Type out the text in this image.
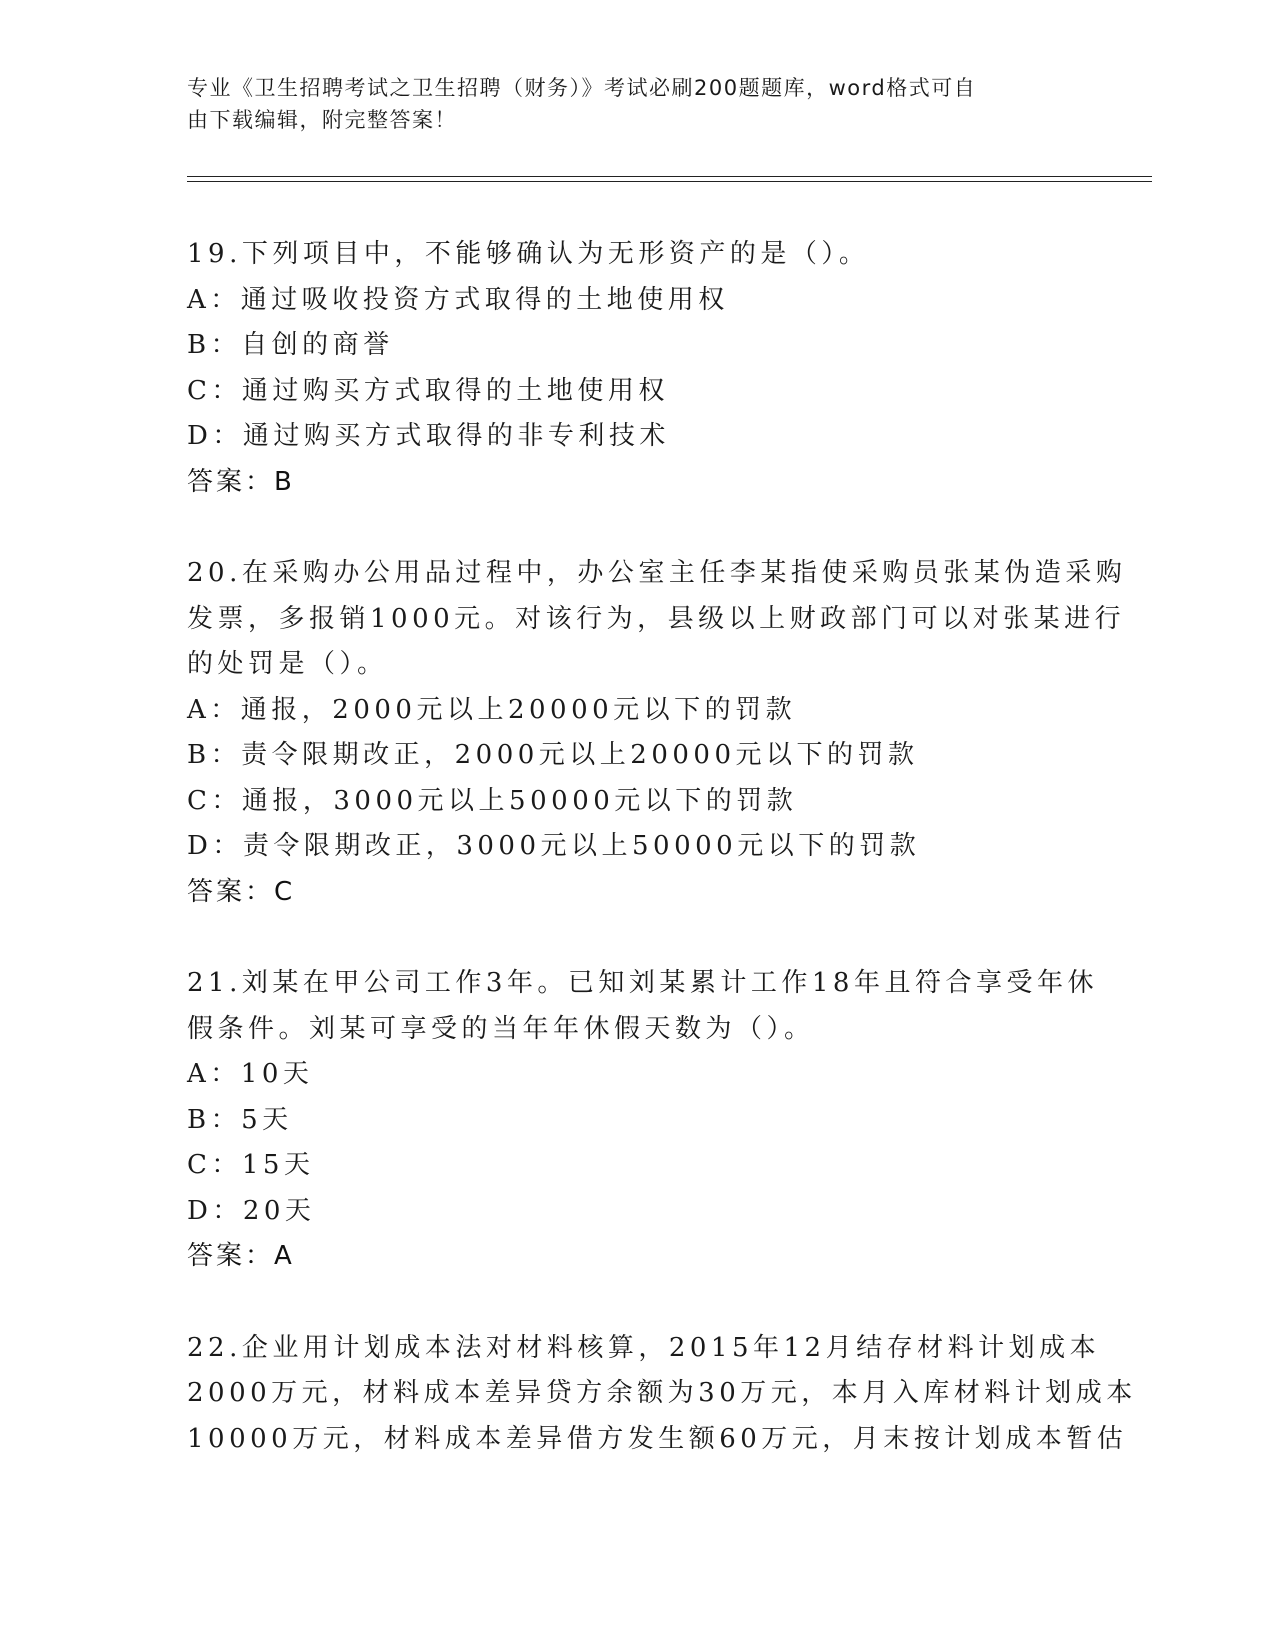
专业《卫生招聘考试之卫生招聘（财务）》考试必刷200题题库，word格式可自
由下载编辑，附完整答案！
19.下列项目中，不能够确认为无形资产的是（）。
A：通过吸收投资方式取得的土地使用权
B：自创的商誉
C：通过购买方式取得的土地使用权
D：通过购买方式取得的非专利技术
答案：B
20.在采购办公用品过程中，办公室主任李某指使采购员张某伪造采购
发票，多报销1000元。对该行为，县级以上财政部门可以对张某进行
的处罚是（）。
A：通报，2000元以上20000元以下的罚款
B：责令限期改正，2000元以上20000元以下的罚款
C：通报，3000元以上50000元以下的罚款
D：责令限期改正，3000元以上50000元以下的罚款
答案：C
21.刘某在甲公司工作3年。已知刘某累计工作18年且符合享受年休
假条件。刘某可享受的当年年休假天数为（）。
A：10天
B：5天
C：15天
D：20天
答案：A
22.企业用计划成本法对材料核算，2015年12月结存材料计划成本
2000万元，材料成本差异贷方余额为30万元，本月入库材料计划成本
10000万元，材料成本差异借方发生额60万元，月末按计划成本暂估
